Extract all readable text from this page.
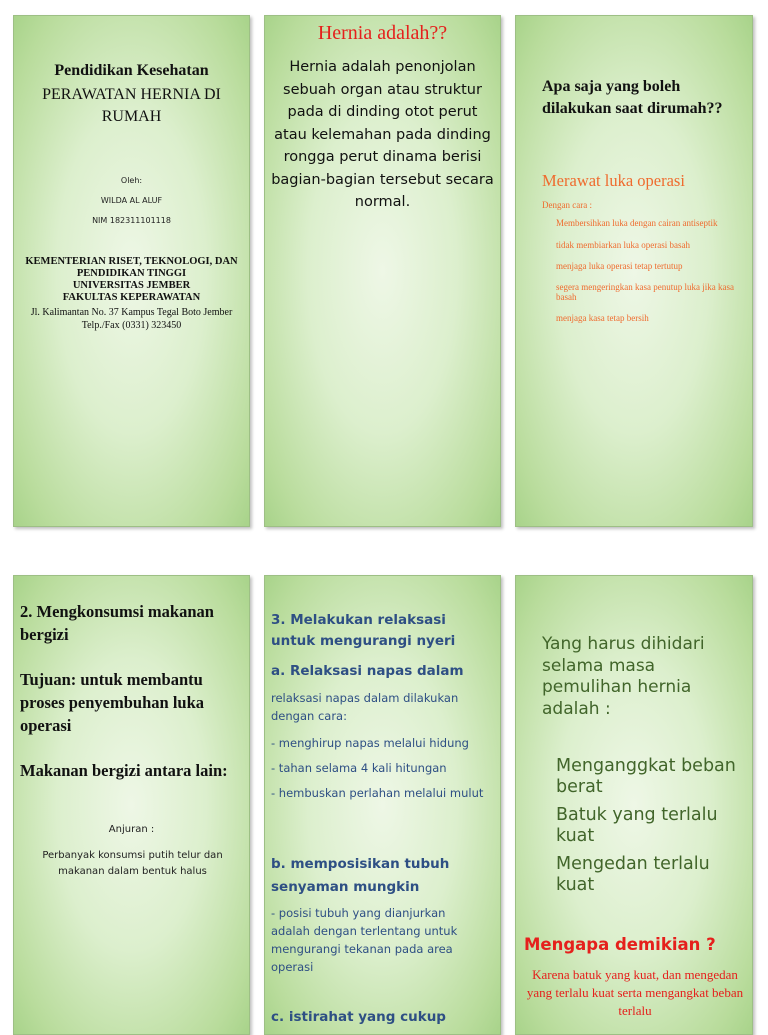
Pendidikan Kesehatan

PERAWATAN HERNIA DI RUMAH

Oleh:

WILDA AL ALUF

NIM 182311101118

KEMENTERIAN RISET, TEKNOLOGI, DAN
PENDIDIKAN TINGGI
UNIVERSITAS JEMBER
FAKULTAS KEPERAWATAN
Jl. Kalimantan No. 37 Kampus Tegal Boto Jember
Telp./Fax (0331) 323450

Hernia adalah??

Hernia adalah penonjolan sebuah organ atau struktur pada di dinding otot perut atau kelemahan pada dinding rongga perut dinama berisi bagian-bagian tersebut secara normal.

Apa saja yang boleh dilakukan saat dirumah??

Merawat luka operasi

Dengan cara :

Membersihkan luka dengan cairan antiseptik
tidak membiarkan luka operasi basah
menjaga luka operasi tetap tertutup
segera mengeringkan kasa penutup luka jika kasa basah
menjaga kasa tetap bersih

2. Mengkonsumsi makanan bergizi

Tujuan: untuk membantu proses penyembuhan luka operasi

Makanan bergizi antara lain:

Anjuran :

Perbanyak konsumsi putih telur dan makanan dalam bentuk halus

3. Melakukan relaksasi untuk mengurangi nyeri

a. Relaksasi napas dalam

relaksasi napas dalam dilakukan dengan cara:

- menghirup napas melalui hidung
- tahan selama 4 kali hitungan
- hembuskan perlahan melalui mulut

b. memposisikan tubuh senyaman mungkin

- posisi tubuh yang dianjurkan adalah dengan terlentang untuk mengurangi tekanan pada area operasi

c. istirahat yang cukup

Yang harus dihidari selama masa pemulihan hernia adalah :

Menganggkat beban berat
Batuk yang terlalu kuat
Mengedan terlalu kuat

Mengapa demikian ?

Karena batuk yang kuat, dan mengedan yang terlalu kuat serta mengangkat beban terlalu
